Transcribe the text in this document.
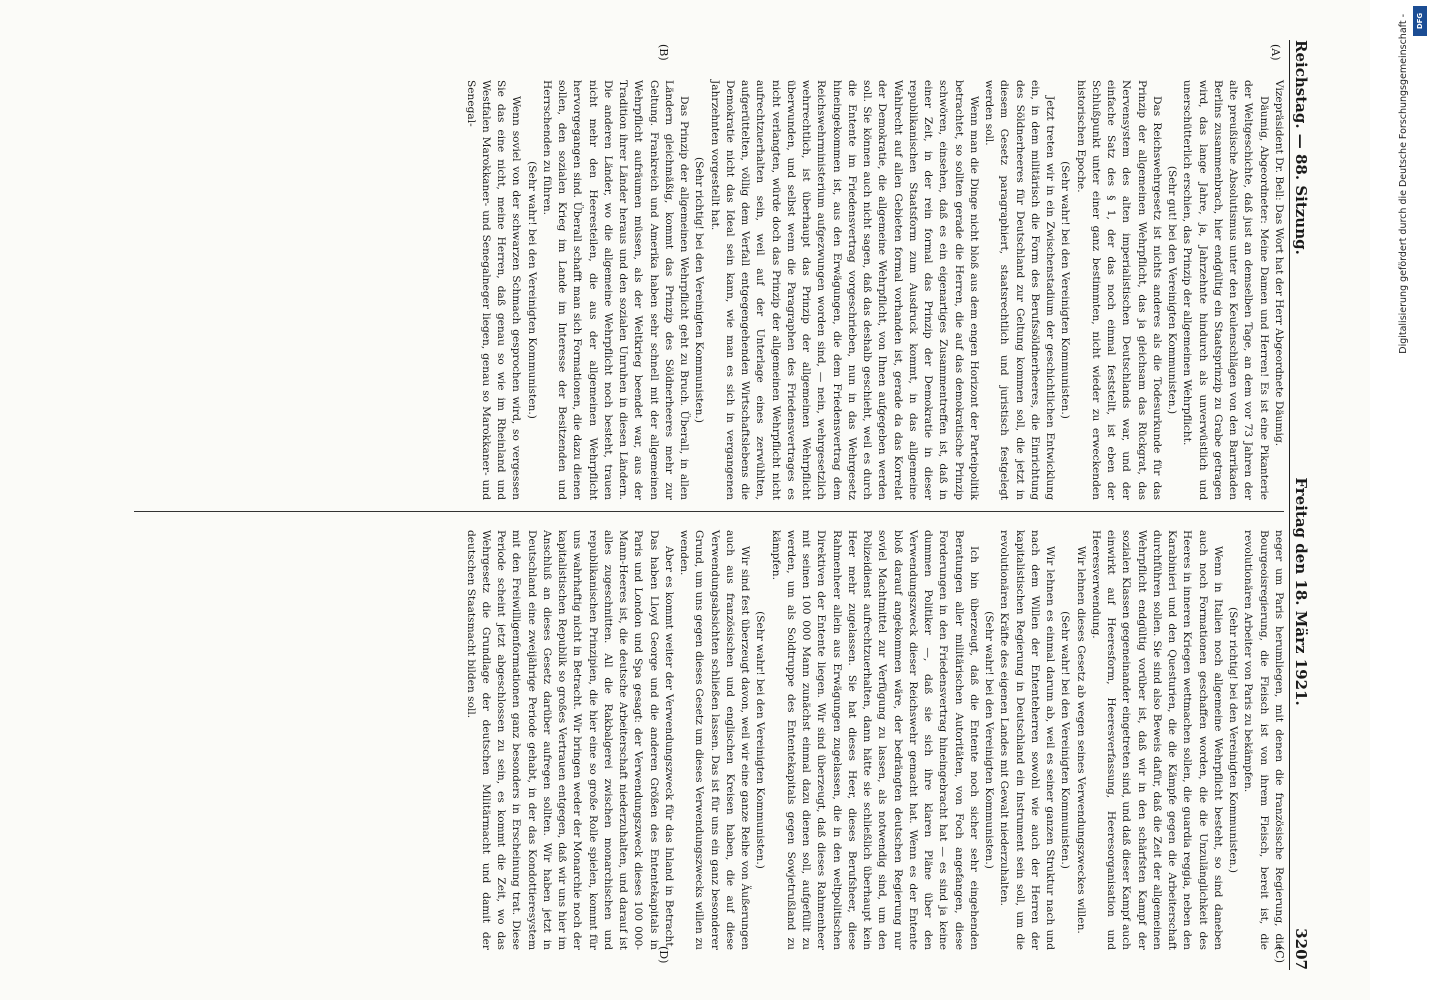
Reichstag. — 88. Sitzung.
Freitag den 18. März 1921.
3207
(A)
(B)
(C)
(D)

Vizepräsident Dr. Bell: Das Wort hat der Herr Abgeordnete Däumig.

Däumig, Abgeordneter: Meine Damen und Herren! Es ist eine Pikanterie der Weltgeschichte, daß just an demselben Tage, an dem vor 73 Jahren der alte preußische Absolutismus unter den Keulenschlägen von den Barrikaden Berlins zusammenbrach, hier endgültig ein Staatsprinzip zu Grabe getragen wird, das lange Jahre, ja, Jahrzehnte hindurch als unverwüstlich und unerschütterlich erschien, das Prinzip der allgemeinen Wehrpflicht.

(Sehr gut! bei den Vereinigten Kommunisten.)

Das Reichswehrgesetz ist nichts anderes als die Todesurkunde für das Prinzip der allgemeinen Wehrpflicht, das ja gleichsam das Rückgrat, das Nervensystem des alten imperialistischen Deutschlands war, und der einfache Satz des § 1, der das noch einmal feststellt, ist eben der Schlußpunkt unter einer ganz bestimmten, nicht wieder zu erweckenden historischen Epoche.

(Sehr wahr! bei den Vereinigten Kommunisten.)

Jetzt treten wir in ein Zwischenstadium der geschichtlichen Entwicklung ein, in dem militärisch die Form des Berufssöldnerheeres, die Einrichtung des Söldnerheeres für Deutschland zur Geltung kommen soll, die jetzt in diesem Gesetz paragraphiert, staatsrechtlich und juristisch festgelegt werden soll.

Wenn man die Dinge nicht bloß aus dem engen Horizont der Parteipolitik betrachtet, so sollten gerade die Herren, die auf das demokratische Prinzip schwören, einsehen, daß es ein eigenartiges Zusammentreffen ist, daß in einer Zeit, in der rein formal das Prinzip der Demokratie in dieser republikanischen Staatsform zum Ausdruck kommt, in das allgemeine Wahlrecht auf allen Gebieten formal vorhanden ist, gerade da das Korrelat der Demokratie, die allgemeine Wehrpflicht, von Ihnen aufgegeben werden soll. Sie können auch nicht sagen, daß das deshalb geschieht, weil es durch die Entente im Friedensvertrag vorgeschrieben, nun in das Wehrgesetz hineingekommen ist, aus den Erwägungen, die dem Friedensvertrag dem Reichswehrministerium aufgezwungen worden sind, — nein, wehrgesetzlich wehrrechtlich, ist überhaupt das Prinzip der allgemeinen Wehrpflicht überwunden, und selbst wenn die Paragraphen des Friedensvertrages es nicht verlangten, würde doch das Prinzip der allgemeinen Wehrpflicht nicht aufrechtzuerhalten sein, weil auf der Unterlage eines zerwühlten, aufgerüttelten, völlig dem Verfall entgegengehenden Wirtschaftslebens die Demokratie nicht das Ideal sein kann, wie man es sich in vergangenen Jahrzehnten vorgestellt hat.

(Sehr richtig! bei den Vereinigten Kommunisten.)

Das Prinzip der allgemeinen Wehrpflicht geht zu Bruch. Überall, in allen Ländern gleichmäßig, kommt das Prinzip des Söldnerheeres mehr zur Geltung. Frankreich und Amerika haben sehr schnell mit der allgemeinen Wehrpflicht aufräumen müssen, als der Weltkrieg beendet war, aus der Tradition ihrer Länder heraus und den sozialen Unruhen in diesen Ländern. Die anderen Länder, wo die allgemeine Wehrpflicht noch besteht, trauen nicht mehr den Heeresteilen, die aus der allgemeinen Wehrpflicht hervorgegangen sind. Überall schafft man sich Formationen, die dazu dienen sollen, den sozialen Krieg im Lande im Interesse der Besitzenden und Herrschenden zu führen.

(Sehr wahr! bei den Vereinigten Kommunisten.)

Wenn soviel von der schwarzen Schmach gesprochen wird, so vergessen Sie das eine nicht, meine Herren, daß genau so wie im Rheinland und Westfalen Marokkaner- und Senegalneger liegen, genau so Marokkaner- und Senegal-

neger um Paris herumliegen, mit denen die französische Regierung, die Bourgeoisregierung, die Fleisch ist von ihrem Fleisch, bereit ist, die revolutionären Arbeiter von Paris zu bekämpfen.

(Sehr richtig! bei den Vereinigten Kommunisten.)

Wenn in Italien noch allgemeine Wehrpflicht besteht, so sind daneben auch noch Formationen geschaffen worden, die die Unzulänglichkeit des Heeres in inneren Kriegen wettmachen sollen, die guardia reggia, neben den Karabinieri und den Questurien, die die Kämpfe gegen die Arbeiterschaft durchführen sollen. Sie sind also Beweis dafür, daß die Zeit der allgemeinen Wehrpflicht endgültig vorüber ist, daß wir in den schärfsten Kampf der sozialen Klassen gegeneinander eingetreten sind, und daß dieser Kampf auch einwirkt auf Heeresform, Heeresverfassung, Heeresorganisation und Heeresverwendung.

Wir lehnen dieses Gesetz ab wegen seines Verwendungszweckes willen.

(Sehr wahr! bei den Vereinigten Kommunisten.)

Wir lehnen es einmal darum ab, weil es seiner ganzen Struktur nach und nach dem Willen der Ententeherren sowohl wie auch der Herren der kapitalistischen Regierung in Deutschland ein Instrument sein soll, um die revolutionären Kräfte des eigenen Landes mit Gewalt niederzuhalten.

(Sehr wahr! bei den Vereinigten Kommunisten.)

Ich bin überzeugt, daß die Entente noch sicher sehr eingehenden Beratungen aller militärischen Autoritäten, von Foch angefangen, diese Forderungen in den Friedensvertrag hineingebracht hat — es sind ja keine dummen Politiker —, daß sie sich ihre klaren Pläne über den Verwendungszweck dieser Reichswehr gemacht hat. Wenn es der Entente bloß darauf angekommen wäre, der bedrängten deutschen Regierung nur soviel Machtmittel zur Verfügung zu lassen, als notwendig sind, um den Polizeidienst aufrechtzuerhalten, dann hätte sie schließlich überhaupt kein Heer mehr zugelassen. Sie hat dieses Heer, dieses Berufsheer, diese Rahmenheer allein aus Erwägungen zugelassen, die in den weltpolitischen Direktiven der Entente liegen. Wir sind überzeugt, daß dieses Rahmenheer mit seinen 100 000 Mann zunächst einmal dazu dienen soll, aufgefüllt zu werden, um als Soldtruppe des Ententekapitals gegen Sowjetrußland zu kämpfen.

(Sehr wahr! bei den Vereinigten Kommunisten.)

Wir sind fest überzeugt davon, weil wir eine ganze Reihe von Äußerungen auch aus französischen und englischen Kreisen haben, die auf diese Verwendungsabsichten schließen lassen. Das ist für uns ein ganz besonderer Grund, um uns gegen dieses Gesetz um dieses Verwendungszwecks willen zu wenden.

Aber es kommt weiter der Verwendungszweck für das Inland in Betracht. Das haben Lloyd George und die anderen Größen des Ententekapitals in Paris und London und Spa gesagt: der Verwendungszweck dieses 100 000-Mann-Heeres ist, die deutsche Arbeiterschaft niederzuhalten, und darauf ist alles zugeschnitten. All die Rakbalgerei zwischen monarchischen und republikanischen Prinzipien, die hier eine so große Rolle spielen, kommt für uns wahrhaftig nicht in Betracht. Wir bringen weder der Monarchie noch der kapitalistischen Republik so großes Vertrauen entgegen, daß wir uns hier im Anschluß an dieses Gesetz darüber aufregen sollten. Wir haben jetzt in Deutschland eine zweijährige Periode gehabt, in der das Kondottieresystem mit den Freiwilligenformationen ganz besonders in Erscheinung trat. Diese Periode scheint jetzt abgeschlossen zu sein, es kommt die Zeit, wo das Wehrgesetz die Grundlage der deutschen Militärmacht und damit der deutschen Staatsmacht bilden soll.

Digitalisierung gefördert durch die Deutsche Forschungsgemeinschaft - DFG
